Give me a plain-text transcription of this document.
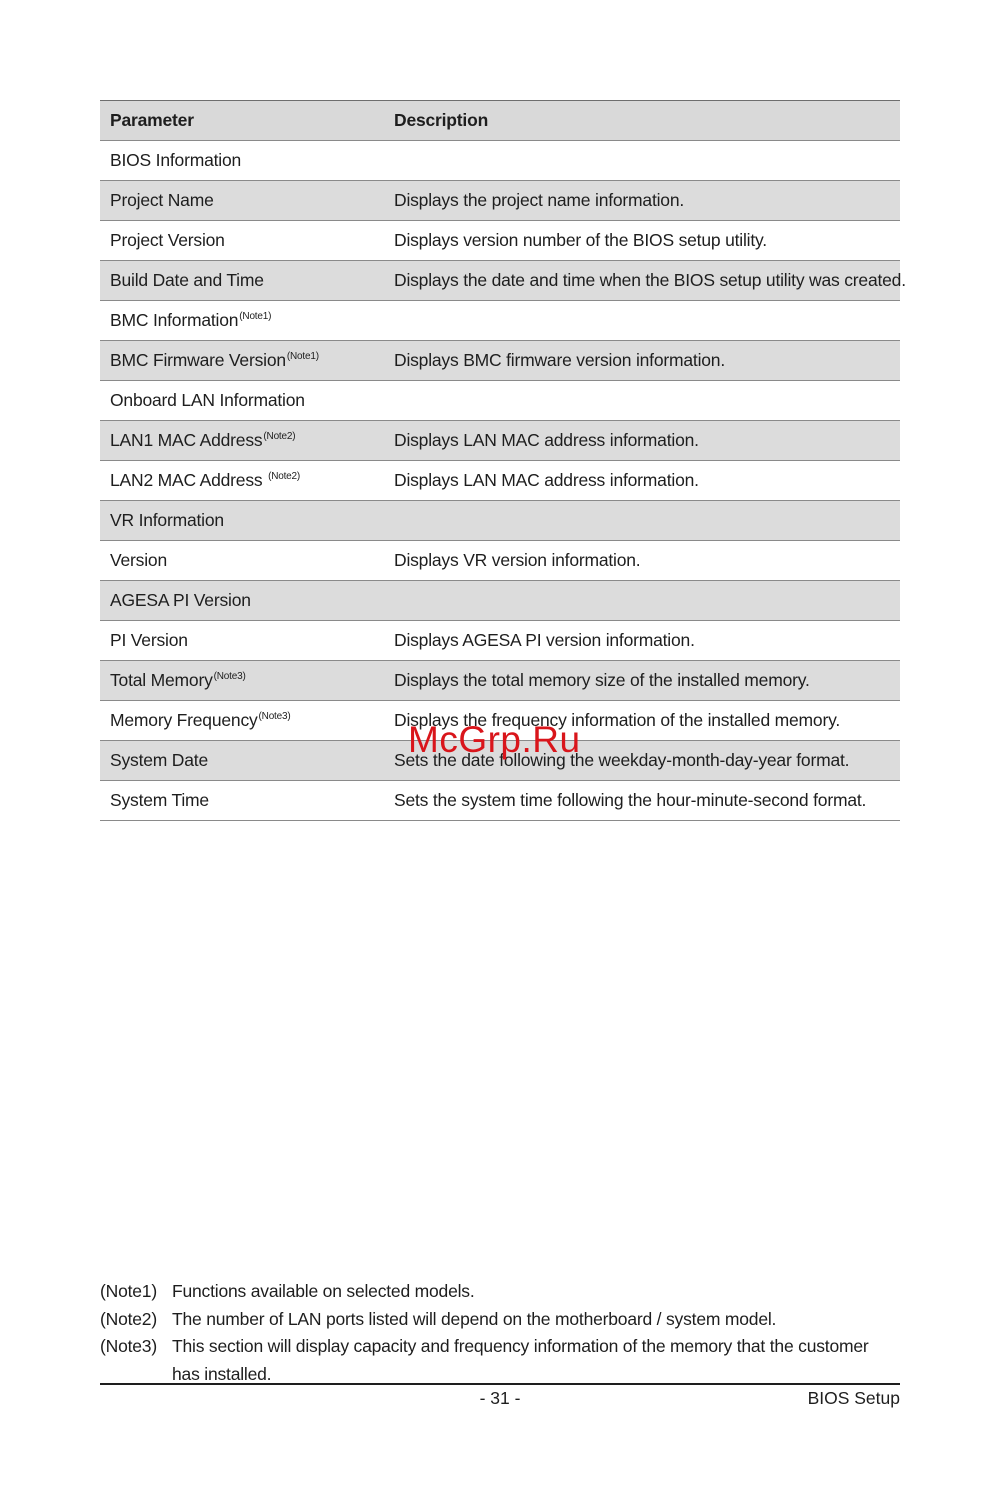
Parameter	Description
BIOS Information	
Project Name	Displays the project name information.
Project Version	Displays version number of the BIOS setup utility.
Build Date and Time	Displays the date and time when the BIOS setup utility was created.
BMC Information$^{(Note1)}$	
BMC Firmware Version$^{(Note1)}$	Displays BMC firmware version information.
Onboard LAN Information	
LAN1 MAC Address$^{(Note2)}$	Displays LAN MAC address information.
LAN2 MAC Address $^{(Note2)}$	Displays LAN MAC address information.
VR Information	
Version	Displays VR version information.
AGESA PI Version	
PI Version	Displays AGESA PI version information.
Total Memory$^{(Note3)}$	Displays the total memory size of the installed memory.
Memory Frequency$^{(Note3)}$	Displays the frequency information of the installed memory.
System Date	Sets the date following the weekday-month-day-year format.
System Time	Sets the system time following the hour-minute-second format.
McGrp.Ru
(Note1) Functions available on selected models.
(Note2) The number of LAN ports listed will depend on the motherboard / system model.
(Note3) This section will display capacity and frequency information of the memory that the customer has installed.
- 31 -	BIOS Setup
